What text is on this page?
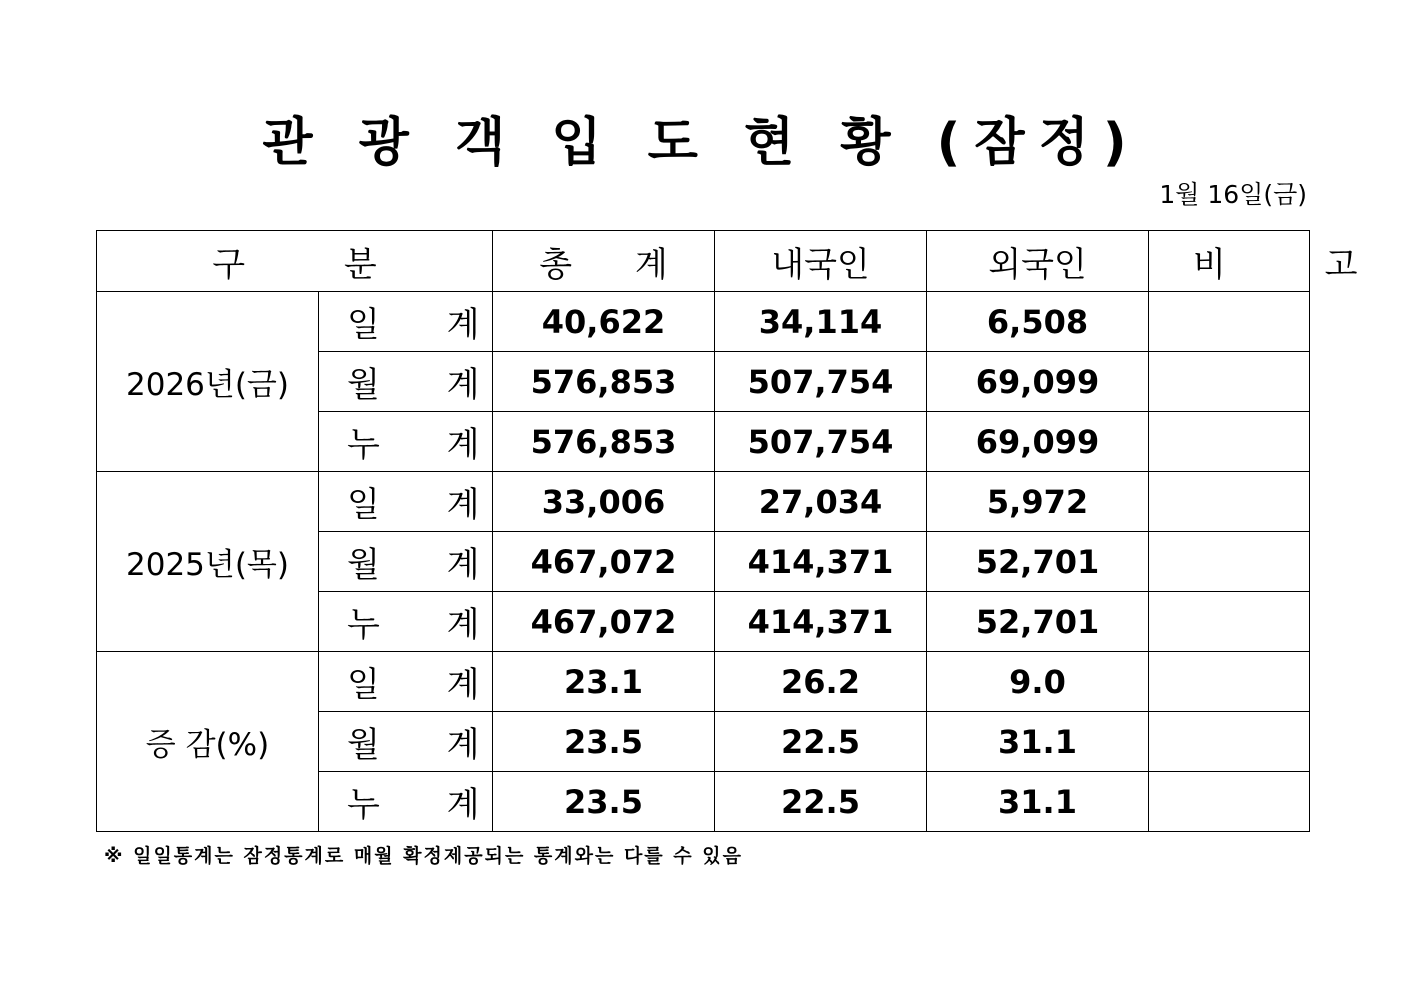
관 광 객 입 도 현 황 (잠정)
1월 16일(금)
구 분		총 계	내국인	외국인	비 고
2026년(금)	일 계	40,622	34,114	6,508	
	월 계	576,853	507,754	69,099	
	누 계	576,853	507,754	69,099	
2025년(목)	일 계	33,006	27,034	5,972	
	월 계	467,072	414,371	52,701	
	누 계	467,072	414,371	52,701	
증 감(%)	일 계	23.1	26.2	9.0	
	월 계	23.5	22.5	31.1	
	누 계	23.5	22.5	31.1	
※ 일일통계는 잠정통계로 매월 확정제공되는 통계와는 다를 수 있음
